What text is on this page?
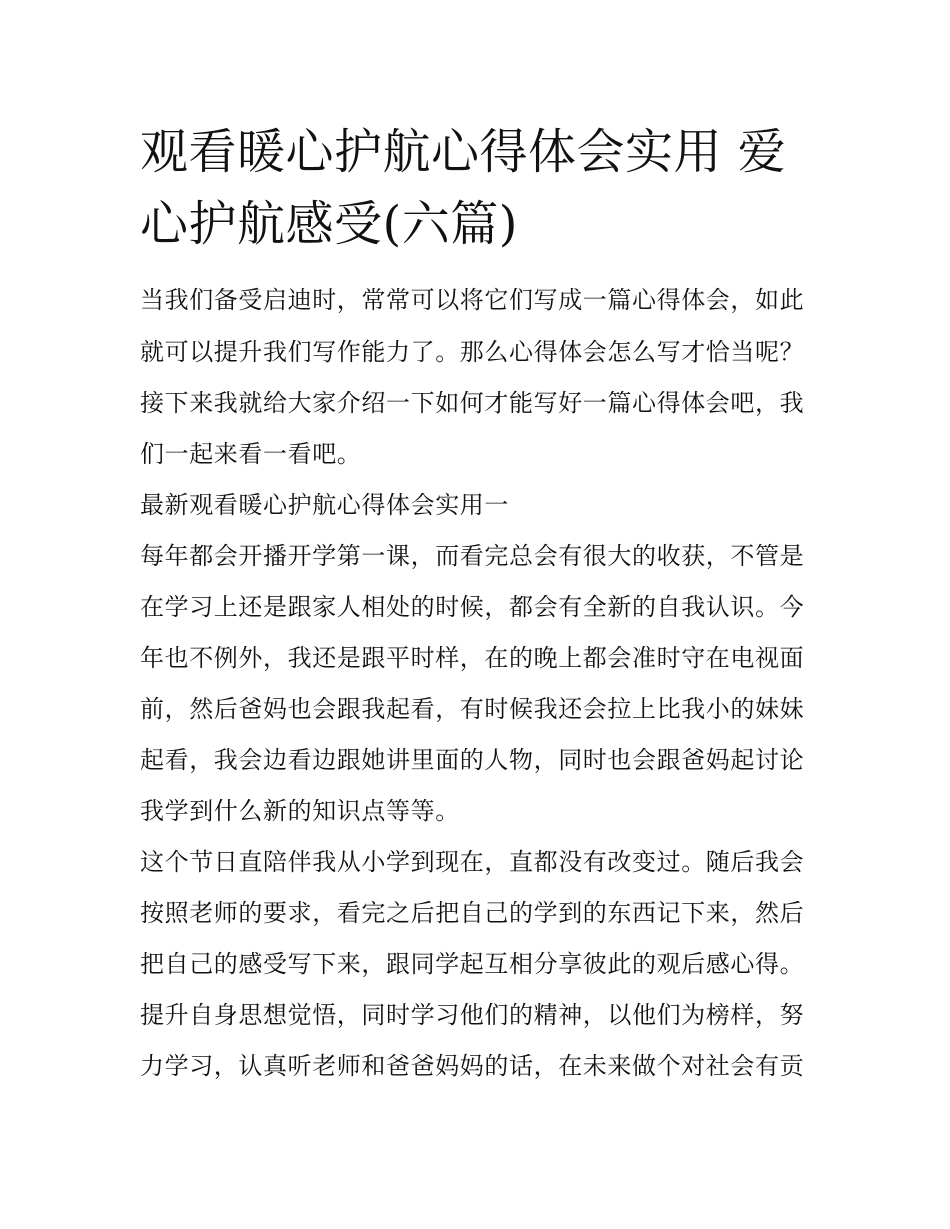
观看暖心护航心得体会实用 爱心护航感受(六篇)

当我们备受启迪时，常常可以将它们写成一篇心得体会，如此

就可以提升我们写作能力了。那么心得体会怎么写才恰当呢？

接下来我就给大家介绍一下如何才能写好一篇心得体会吧，我

们一起来看一看吧。

最新观看暖心护航心得体会实用一

每年都会开播开学第一课，而看完总会有很大的收获，不管是

在学习上还是跟家人相处的时候，都会有全新的自我认识。今

年也不例外，我还是跟平时样，在的晚上都会准时守在电视面

前，然后爸妈也会跟我起看，有时候我还会拉上比我小的妹妹

起看，我会边看边跟她讲里面的人物，同时也会跟爸妈起讨论

我学到什么新的知识点等等。

这个节日直陪伴我从小学到现在，直都没有改变过。随后我会

按照老师的要求，看完之后把自己的学到的东西记下来，然后

把自己的感受写下来，跟同学起互相分享彼此的观后感心得。

提升自身思想觉悟，同时学习他们的精神，以他们为榜样，努

力学习，认真听老师和爸爸妈妈的话，在未来做个对社会有贡
